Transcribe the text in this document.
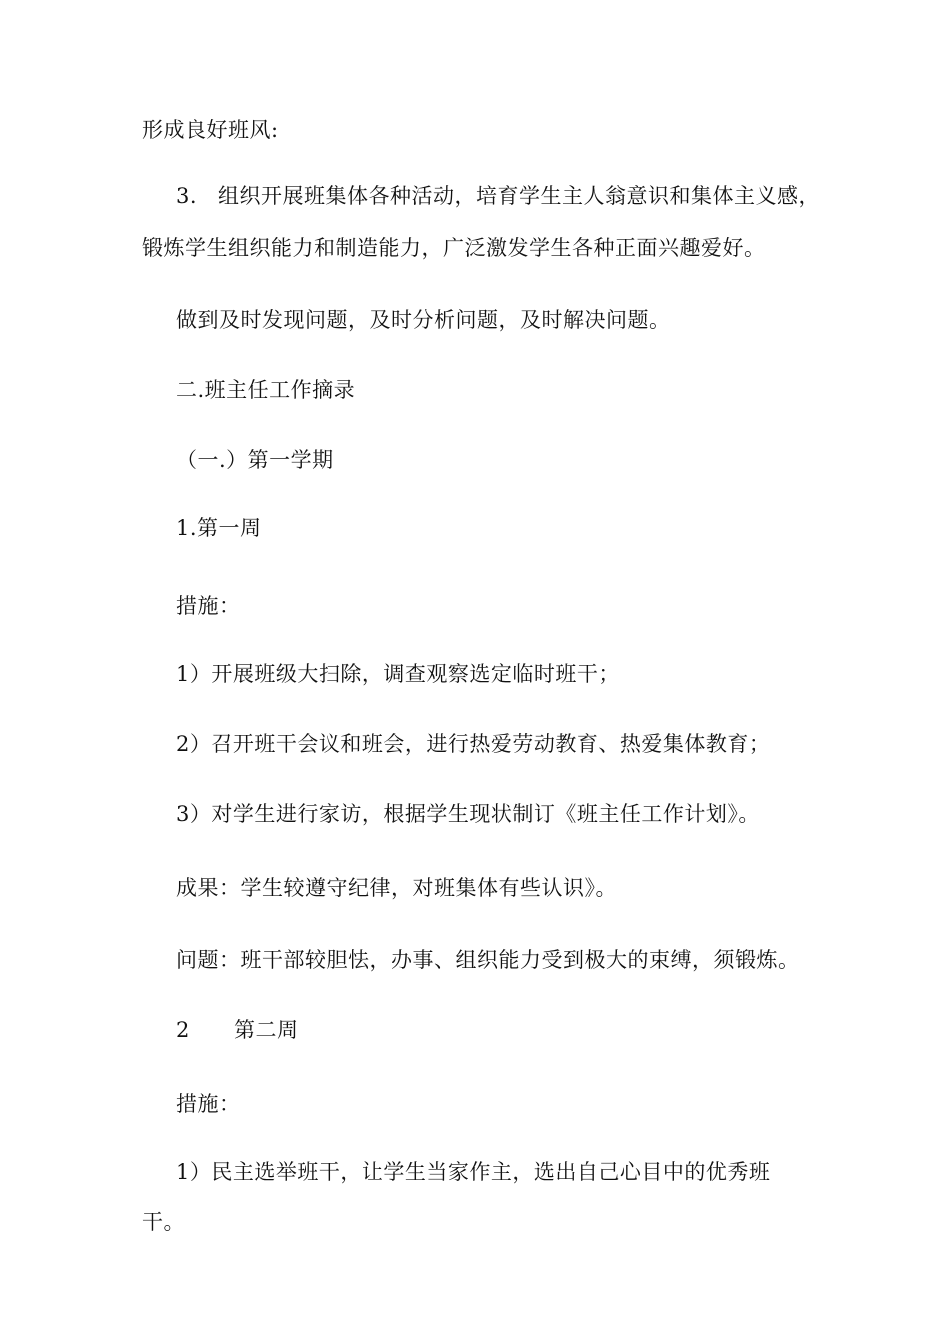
形成良好班风:
3. 组织开展班集体各种活动，培育学生主人翁意识和集体主义感，
锻炼学生组织能力和制造能力，广泛激发学生各种正面兴趣爱好。
做到及时发现问题，及时分析问题，及时解决问题。
二.班主任工作摘录
（一.）第一学期
1.第一周
措施：
1）开展班级大扫除，调查观察选定临时班干；
2）召开班干会议和班会，进行热爱劳动教育、热爱集体教育；
3）对学生进行家访，根据学生现状制订《班主任工作计划》。
成果：学生较遵守纪律，对班集体有些认识》。
问题：班干部较胆怯，办事、组织能力受到极大的束缚，须锻炼。
2 第二周
措施：
1）民主选举班干，让学生当家作主，选出自己心目中的优秀班
干。
